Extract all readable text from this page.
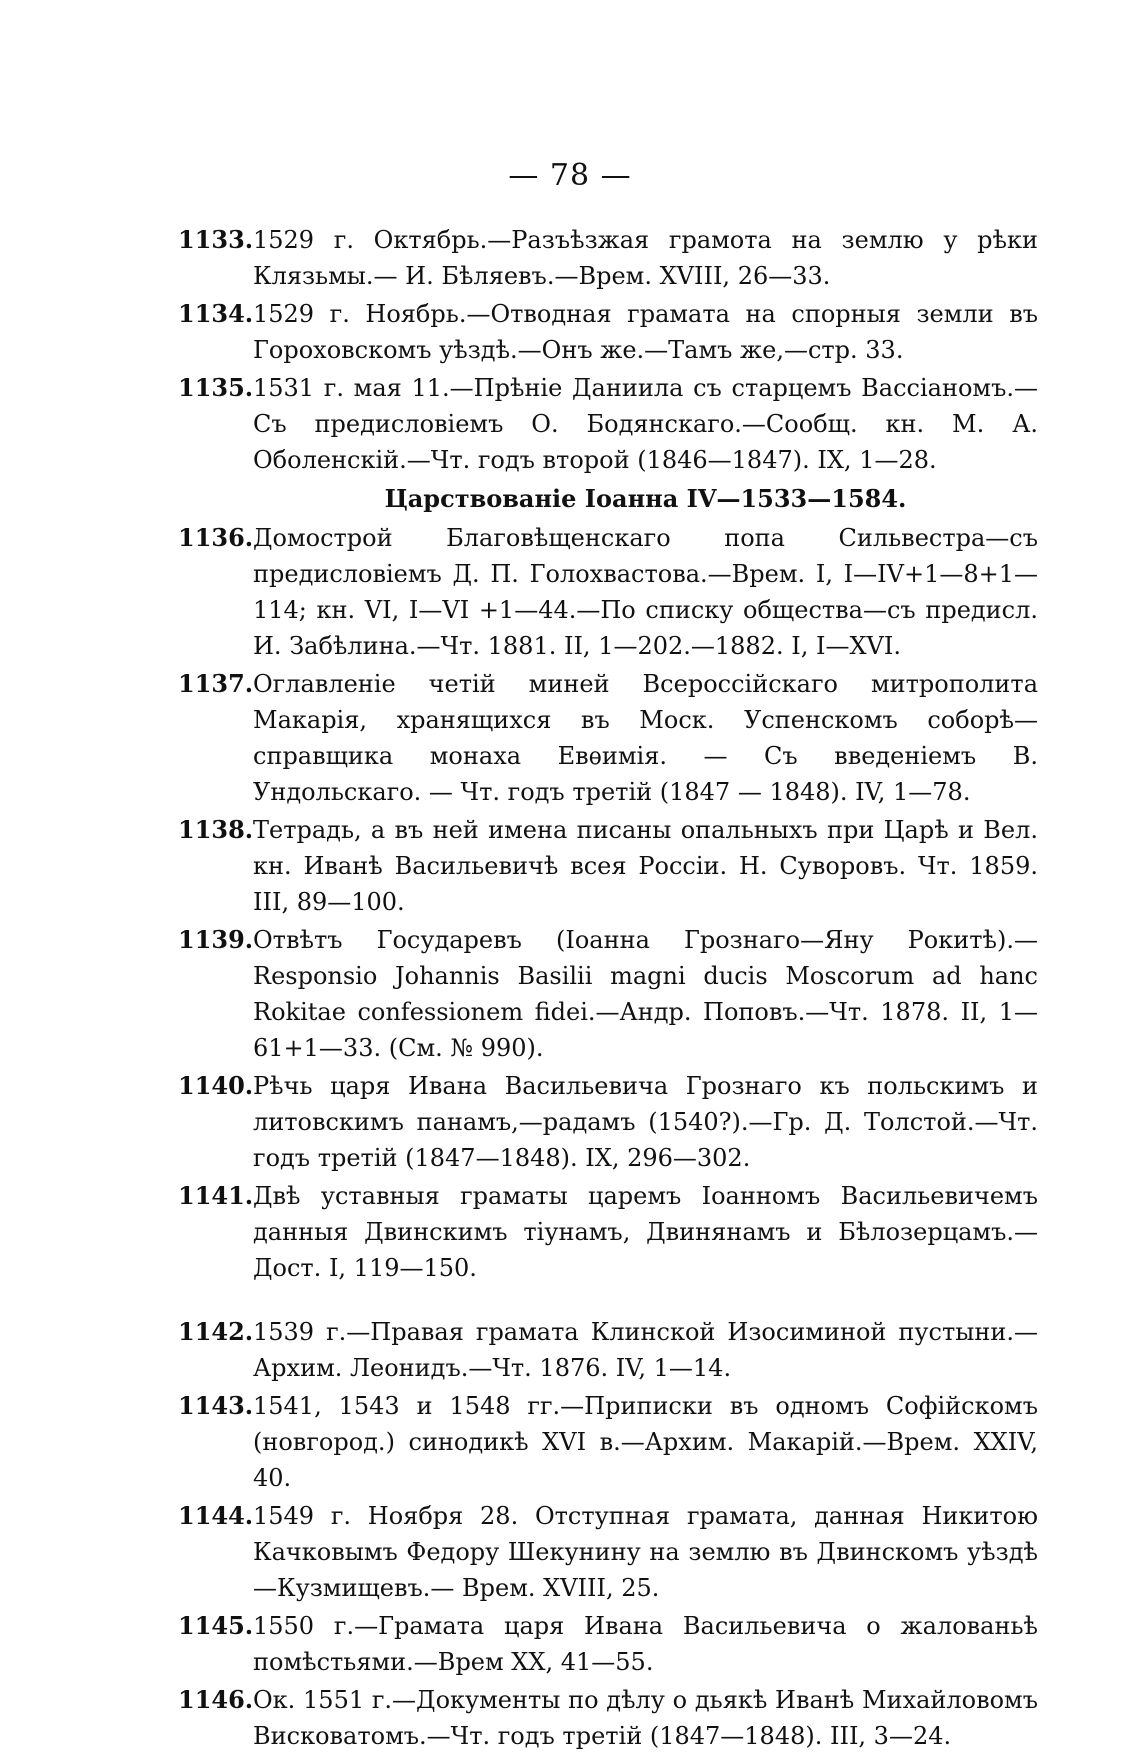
— 78 —
1133. 1529 г. Октябрь.—Разъѣзжая грамота на землю у рѣки Клязьмы.— И. Бѣляевъ.—Врем. XVIII, 26—33.
1134. 1529 г. Ноябрь.—Отводная грамата на спорныя земли въ Гороховскомъ уѣздѣ.—Онъ же.—Тамъ же,—стр. 33.
1135. 1531 г. мая 11.—Прѣніе Даниила съ старцемъ Вассіаномъ.—Съ предисловіемъ О. Бодянскаго.—Сообщ. кн. М. А. Оболенскій.—Чт. годъ второй (1846—1847). IX, 1—28.
Царствованіе Іоанна IV—1533—1584.
1136. Домострой Благовѣщенскаго попа Сильвестра—съ предисловіемъ Д. П. Голохвастова.—Врем. I, I—IV+1—8+1—114; кн. VI, I—VI +1—44.—По списку общества—съ предисл. И. Забѣлина.—Чт. 1881. II, 1—202.—1882. I, I—XVI.
1137. Оглавленіе четій миней Всероссійскаго митрополита Макарія, хранящихся въ Моск. Успенскомъ соборѣ—справщика монаха Евѳимія. — Съ введеніемъ В. Ундольскаго. — Чт. годъ третій (1847 — 1848). IV, 1—78.
1138. Тетрадь, а въ ней имена писаны опальныхъ при Царѣ и Вел. кн. Иванѣ Васильевичѣ всея Россіи. Н. Суворовъ. Чт. 1859. III, 89—100.
1139. Отвѣтъ Государевъ (Іоанна Грознаго—Яну Рокитѣ).—Responsio Johannis Basilii magni ducis Moscorum ad hanc Rokitae confessionem fidei.—Андр. Поповъ.—Чт. 1878. II, 1—61+1—33. (См. № 990).
1140. Рѣчь царя Ивана Васильевича Грознаго къ польскимъ и литовскимъ панамъ,—радамъ (1540?).—Гр. Д. Толстой.—Чт. годъ третій (1847—1848). IX, 296—302.
1141. Двѣ уставныя граматы царемъ Іоанномъ Васильевичемъ данныя Двинскимъ тіунамъ, Двинянамъ и Бѣлозерцамъ.—Дост. I, 119—150.
1142. 1539 г.—Правая грамата Клинской Изосиминой пустыни.—Архим. Леонидъ.—Чт. 1876. IV, 1—14.
1143. 1541, 1543 и 1548 гг.—Приписки въ одномъ Софійскомъ (новгород.) синодикѣ XVI в.—Архим. Макарій.—Врем. XXIV, 40.
1144. 1549 г. Ноября 28. Отступная грамата, данная Никитою Качковымъ Федору Шекунину на землю въ Двинскомъ уѣздѣ —Кузмищевъ.— Врем. XVIII, 25.
1145. 1550 г.—Грамата царя Ивана Васильевича о жалованьѣ помѣстьями.—Врем XX, 41—55.
1146. Ок. 1551 г.—Документы по дѣлу о дьякѣ Иванѣ Михайловомъ Висковатомъ.—Чт. годъ третій (1847—1848). III, 3—24.
